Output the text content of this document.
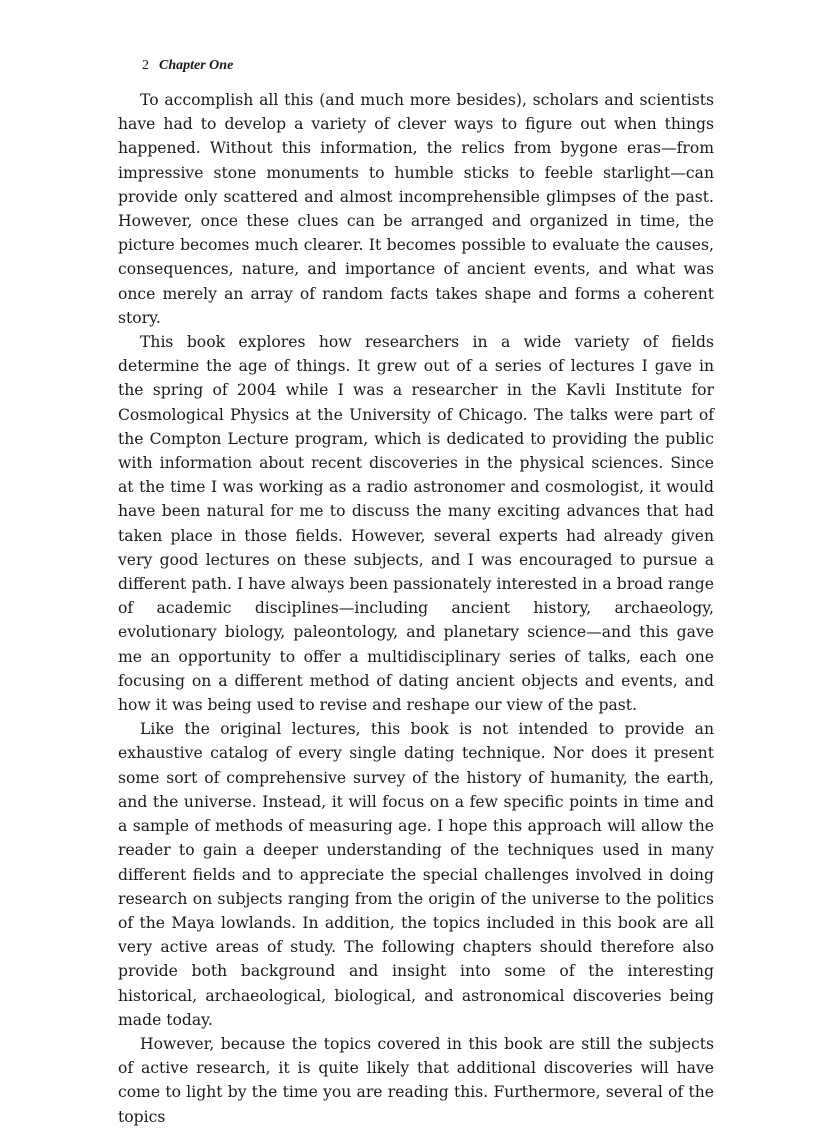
2 Chapter One

To accomplish all this (and much more besides), scholars and scientists have had to develop a variety of clever ways to figure out when things happened. Without this information, the relics from bygone eras—from impressive stone monuments to humble sticks to feeble starlight—can provide only scattered and almost incomprehensible glimpses of the past. However, once these clues can be arranged and organized in time, the picture becomes much clearer. It becomes possible to evaluate the causes, consequences, nature, and importance of ancient events, and what was once merely an array of random facts takes shape and forms a coherent story.

This book explores how researchers in a wide variety of fields determine the age of things. It grew out of a series of lectures I gave in the spring of 2004 while I was a researcher in the Kavli Institute for Cosmological Physics at the University of Chicago. The talks were part of the Compton Lecture program, which is dedicated to providing the public with information about recent discoveries in the physical sciences. Since at the time I was working as a radio astronomer and cosmologist, it would have been natural for me to discuss the many exciting advances that had taken place in those fields. However, several experts had already given very good lectures on these subjects, and I was encouraged to pursue a different path. I have always been passionately interested in a broad range of academic disciplines—including ancient history, archaeology, evolutionary biology, paleontology, and planetary science—and this gave me an opportunity to offer a multidisciplinary series of talks, each one focusing on a different method of dating ancient objects and events, and how it was being used to revise and reshape our view of the past.

Like the original lectures, this book is not intended to provide an exhaustive catalog of every single dating technique. Nor does it present some sort of comprehensive survey of the history of humanity, the earth, and the universe. Instead, it will focus on a few specific points in time and a sample of methods of measuring age. I hope this approach will allow the reader to gain a deeper understanding of the techniques used in many different fields and to appreciate the special challenges involved in doing research on subjects ranging from the origin of the universe to the politics of the Maya lowlands. In addition, the topics included in this book are all very active areas of study. The following chapters should therefore also provide both background and insight into some of the interesting historical, archaeological, biological, and astronomical discoveries being made today.

However, because the topics covered in this book are still the subjects of active research, it is quite likely that additional discoveries will have come to light by the time you are reading this. Furthermore, several of the topics
